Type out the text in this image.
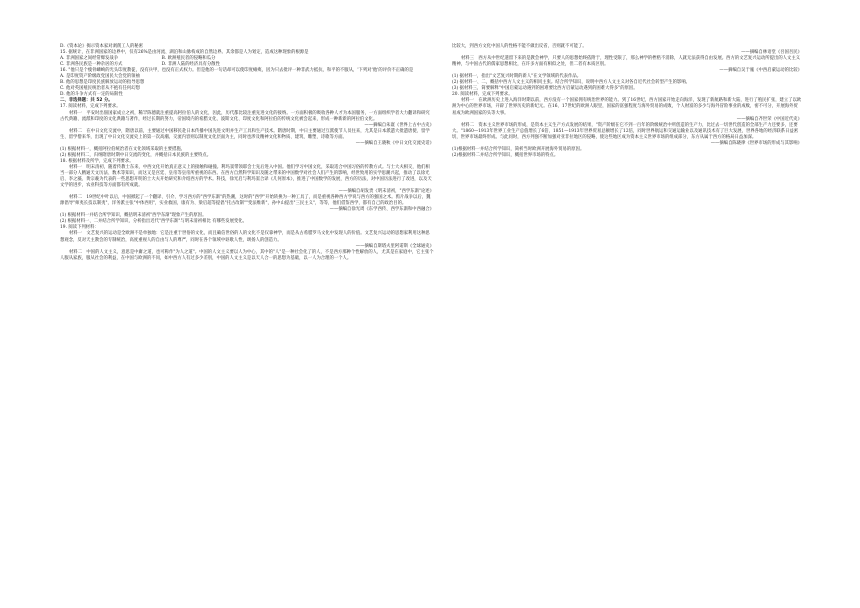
D.《资本论》揭示资本家对剥削工人的秘密

15. 据统计，在非洲国家的边界中，仅有26%是由河流、湖泊和山脉构成的自然边界。其余都是人为划定，造成这种现象的根源是

A. 非洲国家之间经常爆发战争　　　　　　　　　　B. 欧洲殖民者的侵略和瓜分

C. 非洲各民族是一种杂居的方式　　　　　　　　　D. 非洲人陆的经济具有分散性

16. "他只是个瘦骨嶙峋的光头印度教徒，没有兵甲，也没有正式权力。但是他的一句话却可以使印度瘫痪，因为只去批评一种非武力抵抗，和平的不服从，'下列对'他'的评价不正确的是

A. 是印度资产阶级政党国民大会党的领袖

B. 他的思想是印度民族解放运动的指导思想

C. 他对英国殖民统治者从不抱有任何幻想

D. 他的斗争方式有一定的局限性

二、非选择题：共 52 分。

17. 阅读材料，完成下列要求。

材料一　平安时出佃国家成立之初，稀罕陈德就注重提高阿拉伯人的文化，因此，历代都比较注重先进文化的接纳。一方面积极的吸收各种人才为本国服务，一方面组织学者大力翻译和研究古代典籍、流派和印度的文化典籍与著作，经过长期的努力，帝国境内的希腊文化、波斯文化、印度文化和阿拉伯的传统文化被会起来，形成一种新新的阿拉伯文化。

——摘编自朱寰《世界上古中古史》

材料二　在中日文化交流中，隋唐以前，主要通过中国移民赴日本传播中国先进文明并生产工具和生产技术。隋唐时期，中日主要通过互派使节人员往来，尤其是日本派遣大批遣唐使、留学生、留学僧来华，出现了中日文化交流史上的第一次高潮。交流内容则以制度文化层面为主，同时也涉及精神文化和物质、建筑、雕塑、诗歌等方面。

——摘编自王晓秋《中日文化交流史话》

(1) 根据材料一，概括阿拉伯统治者在文化领域采取的主要措施。

(2) 根据材料二，归纳隋唐时期中日交流的变化，并概括日本民族的主要特点。

18. 根据材料及所学，完成下列要求。

材料一　明末清初，随着传教士东来，中西文化开始真正意义上的接触和碰撞。利玛窦带领耶会士先后进入中国。他们学习中国文化，采取适合中国习俗的传教方式。与士大夫相交，他们相当一部分人精通天文历法、数术等知识，而这又是宫廷、皇帝等皇帝所重视的东西。在西方自然科学知识及随之带来的中国数学对社会人们产生的影响，经世致用的实学思潮兴起，推动了以徐光启、李之藻、黄宗羲为代表的一些思想开明的士大夫开始研究和介绍西方的学术。科技，徐光启与利玛窦合译《几何原本》，推进了中国数学的发展，西方的历法，对中国历法进行了改进，以及天文学的进步，农业科技等方面都有所成就。

——摘编自胡发贵《明末清初，"西学东渐"论述》

材料二　19世纪中叶以后，中国掀起了一个翻译、引介、学习西方的"西学东渐"的热潮，这时的"西学"开始转换为一种工具了，而是重视各种西方学说与西方的强国之术。鸦片战争以后，魏源倡导"师夷长技以制夷"，洋务派主张"中体西用"，实业救国，康有为、梁启超等提倡"托古改制""变法维新"，孙中山提出"三民主义"，等等，他们借鉴西学，都有自己的政治目的。

——摘编自徐光周《东学西传、西学东渐和中西融合》

(1) 根据材料一并结合所学知识，概括明末清初"西学东渐"现象产生的原因。

(2) 根据材料一、二并结合所学知识，分析指出近代"西学东渐"与明末清初相比 有哪些发展变化。

19. 阅读下列材料：

材料一　文艺复兴的运动是全欧洲不是单独地：它是注重于世俗的文化，而且确信世俗的人的文化不是仅靠神学，而是从古希腊罗马文化中发现人的价值。文艺复兴运动的思想家利用这种思想观念，反对天主教会的专制统治，高度重视人的自由与人的尊严，同时在各个领域中讴歌人性，颂扬人的创造力。

——摘编自斯塔夫里阿诺斯《全球通史》

材料二　中国的人文主义，意思是中庸之道，也可称作"为人之道"。中国的人文主义要以人为中心，其中的"人"是一种社会化了的人，不是西方那种个性解放的人，尤其是在家庭中，它主张个人服从家族，服从社会的利益，在中国与欧洲的不同，如中西方人有过多少差别，中国的人文主义是以天人合一的思想为基础，以一人为合理的一个人。

比较大，到西方文化中国人的性格不能不做出反省，否则就不可能了。

——摘编自林语堂《吾国吾民》

材料三　西方从中世纪遗留下来的是教会神学，只要人的思想始终依附于，理性受限了，那么神学的桎梏不消除，人就无法获得自由发展。西方的文艺复兴运动所提出的人文主义精神，与中国古代的儒家思想相比，在许多方面有相似之处，但二者有本质区别。

——摘编自吴于廑《中西启蒙运动的比较》

(1) 据材料一，指出"文艺复兴时期的新人"在文学领域的代表作品。

(2) 据材料一、二，概括中西方人文主义的相同主张。结合所学知识，说明中西方人文主义对各自近代社会转型产生的影响。

(3) 据材料三，简要解释"中国启蒙运动遇到的困难要比西方启蒙运动遇到的困难大得多"的原因。

20. 阅读材料，完成下列要求。

材料一　在欧洲历史上进入海洋时期以前，西方没有一个国家拥有统治世界的能力。到了16世纪，西方国家开始走向海洋，发现了新航路和新大陆，进行了殖民扩张，建立了以欧洲为中心的世界市场，开辟了世界历史的新纪元。在16、17世纪的欧洲人眼里，国家的富强程度与海外贸易的成败，个人财富的多少与海外冒险事业的成败，密不可分，开展海外贸易成为欧洲国家的头等大事。

——摘编自齐世荣《中国近代史》

材料二　资本主义世界市场的形成，是资本主义生产方式发展的结果，"资产阶级在它不到一百年的阶级统治中所创造的生产力，比过去一切世代创造的全部生产力还要多，还要大。"1860—1913年世界工业生产总值增长了6倍，1851—1913年世界贸易总额增长了12倍，同时世界航运和交通运输业以及通讯技术有了巨大发展，世界各地的经济联系日益密切，世界市场最终形成。与此同时，西方列强不断加强对亚非拉地区的侵略，使这些地区成为资本主义世界市场的组成部分，东方从属于西方的格局日益加深。

——摘编自陈晓律《世界市场的形成与其影响》

(1)根据材料一并结合所学知识，简析当时欧洲开展海外贸易的原因。

(2)根据材料二并结合所学知识，概括世界市场的特点。
